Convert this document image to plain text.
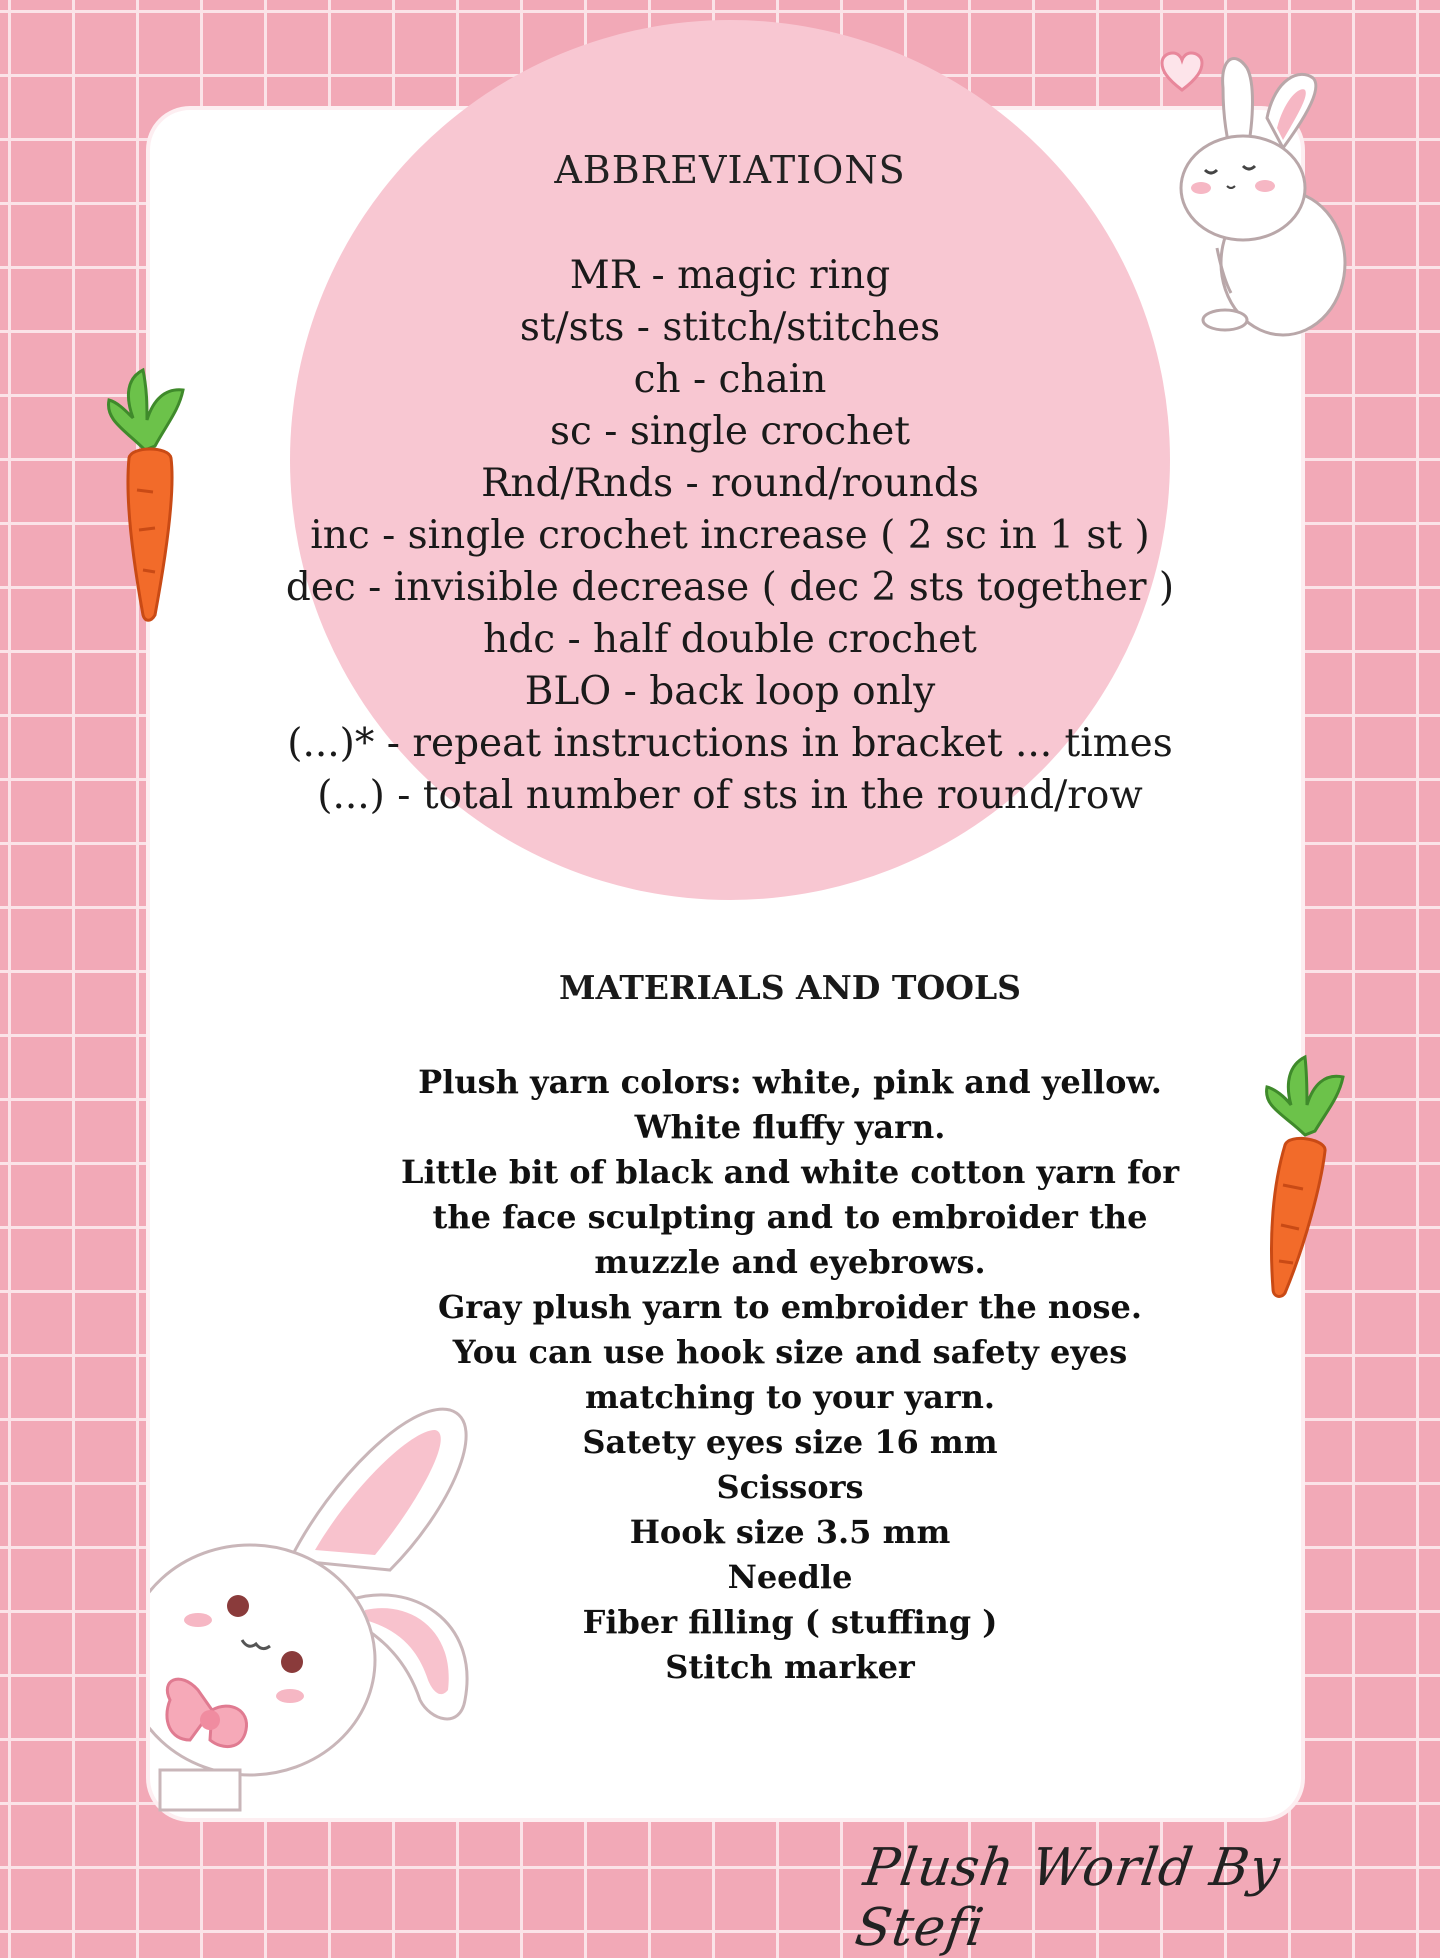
ABBREVIATIONS
MR - magic ring
st/sts - stitch/stitches
ch - chain
sc - single crochet
Rnd/Rnds - round/rounds
inc - single crochet increase ( 2 sc in 1 st )
dec - invisible decrease ( dec 2 sts together )
hdc - half double crochet
BLO - back loop only
(...)* - repeat instructions in bracket ... times
(...) - total number of sts in the round/row
MATERIALS AND TOOLS
Plush yarn colors: white, pink and yellow.
White fluffy yarn.
Little bit of black and white cotton yarn for
the face sculpting and to embroider the
muzzle and eyebrows.
Gray plush yarn to embroider the nose.
You can use hook size and safety eyes
matching to your yarn.
Satety eyes size 16 mm
Scissors
Hook size 3.5 mm
Needle
Fiber filling ( stuffing )
Stitch marker
Plush World By Stefi
